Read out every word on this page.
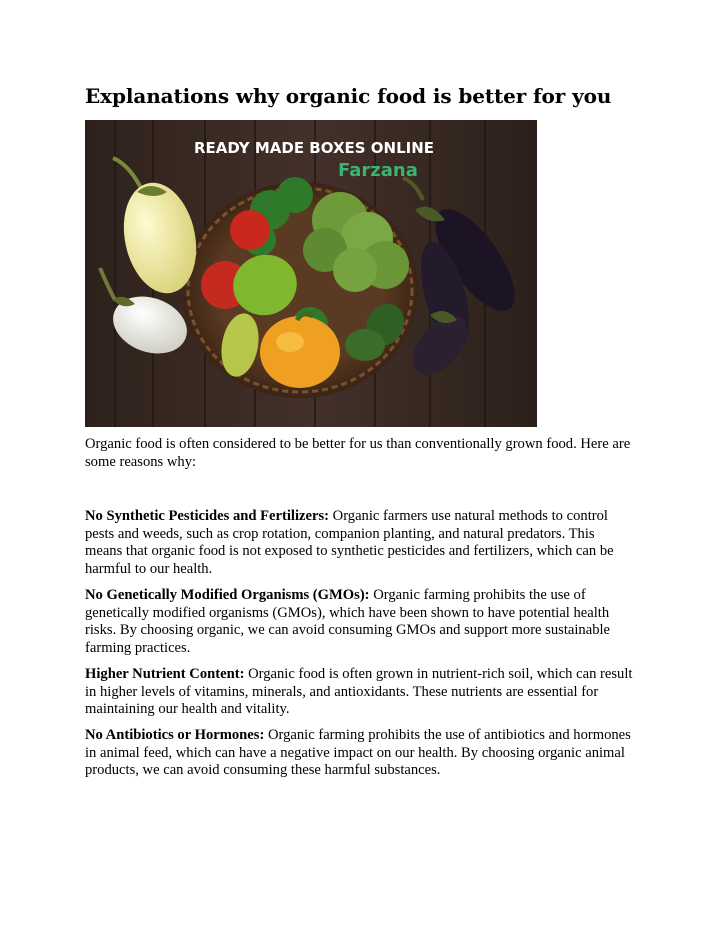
Explanations why organic food is better for you
READY MADE BOXES ONLINE
Farzana

Organic food is often considered to be better for us than conventionally grown food. Here are some reasons why:

No Synthetic Pesticides and Fertilizers: Organic farmers use natural methods to control pests and weeds, such as crop rotation, companion planting, and natural predators. This means that organic food is not exposed to synthetic pesticides and fertilizers, which can be harmful to our health.

No Genetically Modified Organisms (GMOs): Organic farming prohibits the use of genetically modified organisms (GMOs), which have been shown to have potential health risks. By choosing organic, we can avoid consuming GMOs and support more sustainable farming practices.

Higher Nutrient Content: Organic food is often grown in nutrient-rich soil, which can result in higher levels of vitamins, minerals, and antioxidants. These nutrients are essential for maintaining our health and vitality.

No Antibiotics or Hormones: Organic farming prohibits the use of antibiotics and hormones in animal feed, which can have a negative impact on our health. By choosing organic animal products, we can avoid consuming these harmful substances.
